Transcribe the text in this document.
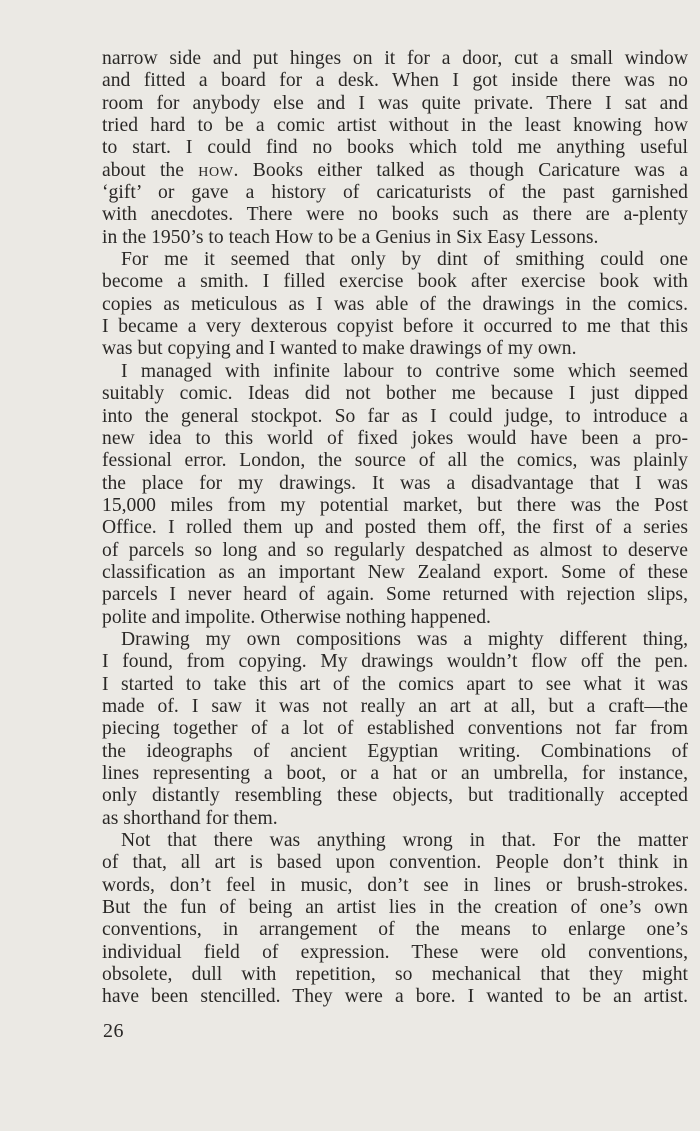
narrow side and put hinges on it for a door, cut a small window
and fitted a board for a desk. When I got inside there was no
room for anybody else and I was quite private. There I sat and
tried hard to be a comic artist without in the least knowing how
to start. I could find no books which told me anything useful
about the how. Books either talked as though Caricature was a
‘gift’ or gave a history of caricaturists of the past garnished
with anecdotes. There were no books such as there are a-plenty
in the 1950’s to teach How to be a Genius in Six Easy Lessons.

For me it seemed that only by dint of smithing could one
become a smith. I filled exercise book after exercise book with
copies as meticulous as I was able of the drawings in the comics.
I became a very dexterous copyist before it occurred to me that this
was but copying and I wanted to make drawings of my own.

I managed with infinite labour to contrive some which seemed
suitably comic. Ideas did not bother me because I just dipped
into the general stockpot. So far as I could judge, to introduce a
new idea to this world of fixed jokes would have been a pro-
fessional error. London, the source of all the comics, was plainly
the place for my drawings. It was a disadvantage that I was
15,000 miles from my potential market, but there was the Post
Office. I rolled them up and posted them off, the first of a series
of parcels so long and so regularly despatched as almost to deserve
classification as an important New Zealand export. Some of these
parcels I never heard of again. Some returned with rejection slips,
polite and impolite. Otherwise nothing happened.

Drawing my own compositions was a mighty different thing,
I found, from copying. My drawings wouldn’t flow off the pen.
I started to take this art of the comics apart to see what it was
made of. I saw it was not really an art at all, but a craft—the
piecing together of a lot of established conventions not far from
the ideographs of ancient Egyptian writing. Combinations of
lines representing a boot, or a hat or an umbrella, for instance,
only distantly resembling these objects, but traditionally accepted
as shorthand for them.

Not that there was anything wrong in that. For the matter
of that, all art is based upon convention. People don’t think in
words, don’t feel in music, don’t see in lines or brush-strokes.
But the fun of being an artist lies in the creation of one’s own
conventions, in arrangement of the means to enlarge one’s
individual field of expression. These were old conventions,
obsolete, dull with repetition, so mechanical that they might
have been stencilled. They were a bore. I wanted to be an artist.

26
